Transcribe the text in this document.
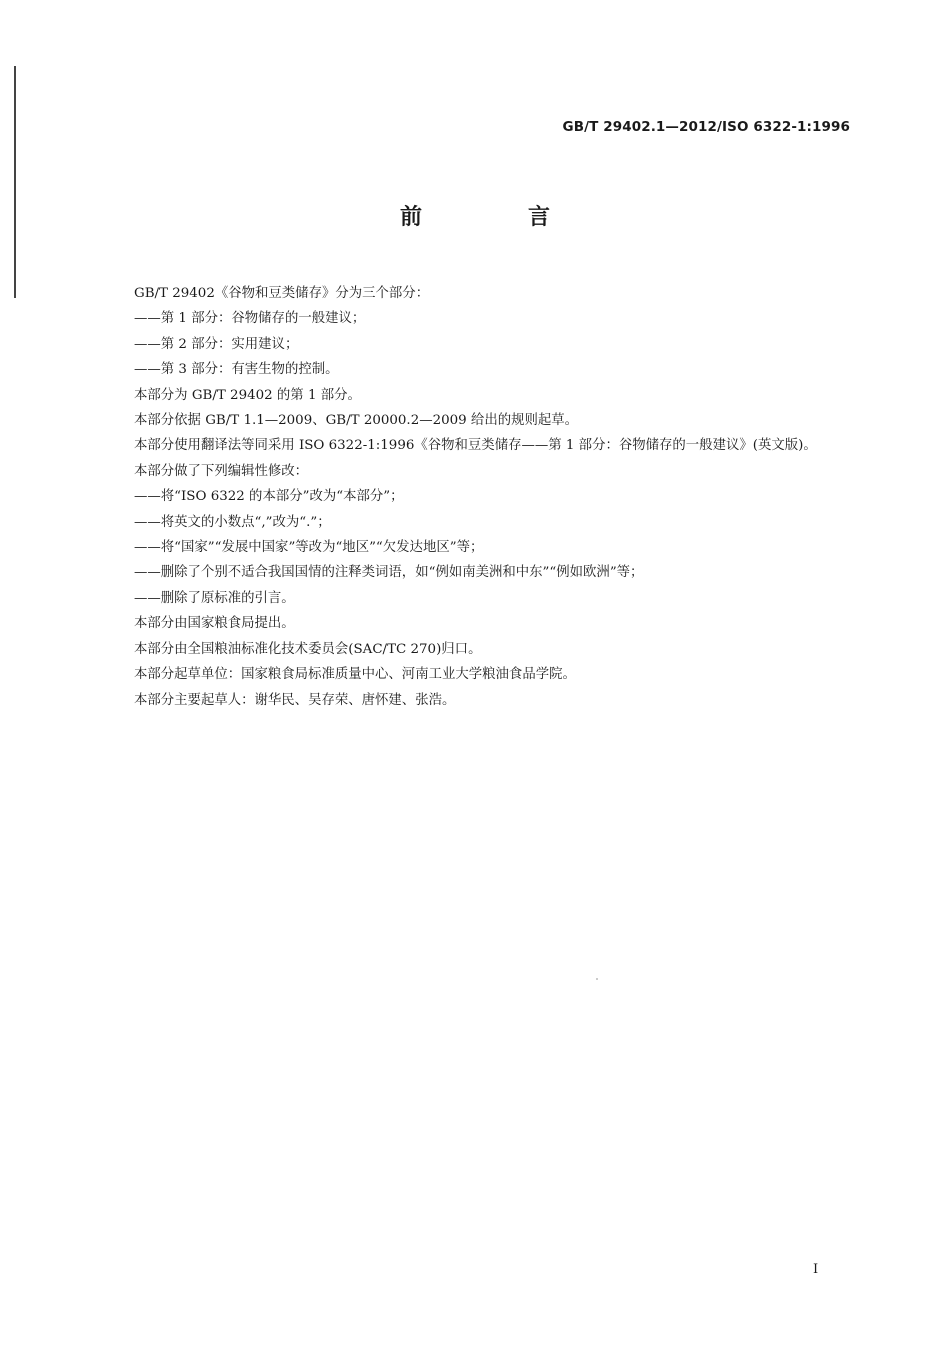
GB/T 29402.1—2012/ISO 6322-1:1996
前　言

GB/T 29402《谷物和豆类储存》分为三个部分：

——第 1 部分：谷物储存的一般建议；

——第 2 部分：实用建议；

——第 3 部分：有害生物的控制。

本部分为 GB/T 29402 的第 1 部分。

本部分依据 GB/T 1.1—2009、GB/T 20000.2—2009 给出的规则起草。

本部分使用翻译法等同采用 ISO 6322-1:1996《谷物和豆类储存——第 1 部分：谷物储存的一般建议》(英文版)。

本部分做了下列编辑性修改：

——将“ISO 6322 的本部分”改为“本部分”；

——将英文的小数点“,”改为“.”；

——将“国家”“发展中国家”等改为“地区”“欠发达地区”等；

——删除了个别不适合我国国情的注释类词语，如“例如南美洲和中东”“例如欧洲”等；

——删除了原标准的引言。

本部分由国家粮食局提出。

本部分由全国粮油标准化技术委员会(SAC/TC 270)归口。

本部分起草单位：国家粮食局标准质量中心、河南工业大学粮油食品学院。

本部分主要起草人：谢华民、吴存荣、唐怀建、张浩。

I
